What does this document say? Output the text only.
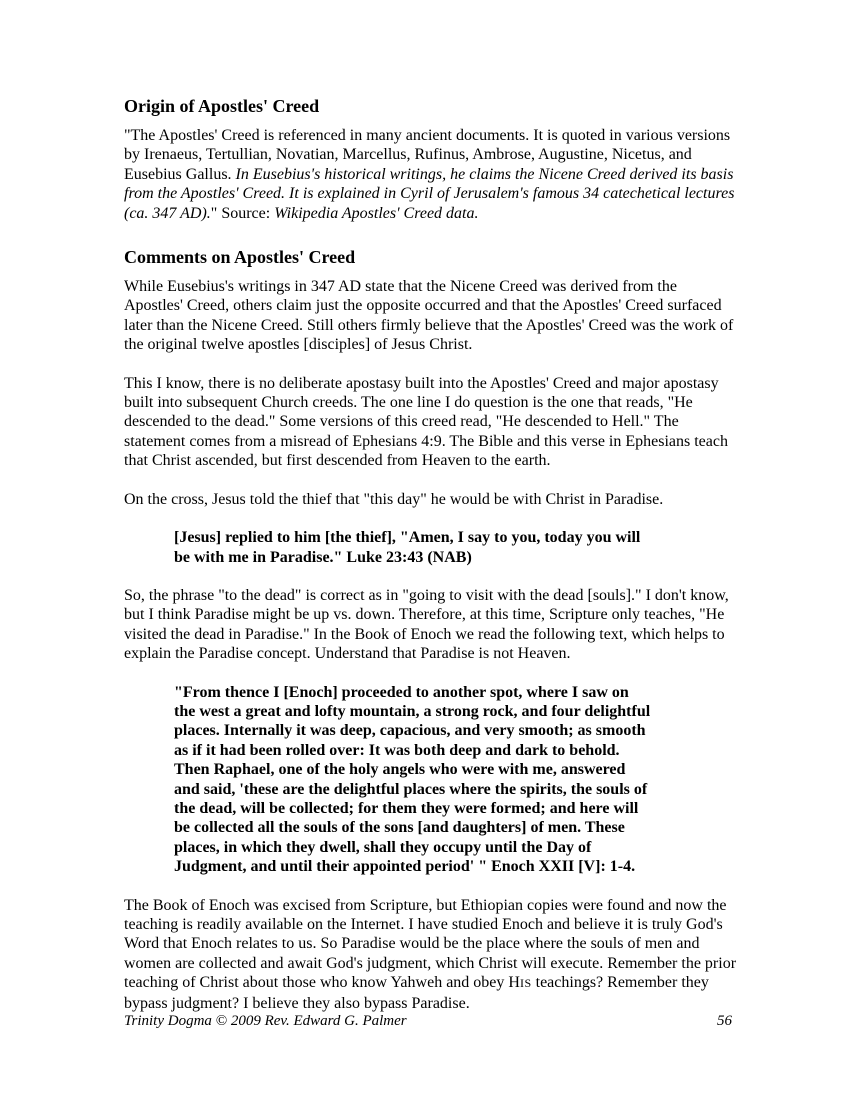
Origin of Apostles' Creed

"The Apostles' Creed is referenced in many ancient documents. It is quoted in various versions by Irenaeus, Tertullian, Novatian, Marcellus, Rufinus, Ambrose, Augustine, Nicetus, and Eusebius Gallus. In Eusebius's historical writings, he claims the Nicene Creed derived its basis from the Apostles' Creed. It is explained in Cyril of Jerusalem's famous 34 catechetical lectures (ca. 347 AD)." Source: Wikipedia Apostles' Creed data.

Comments on Apostles' Creed

While Eusebius's writings in 347 AD state that the Nicene Creed was derived from the Apostles' Creed, others claim just the opposite occurred and that the Apostles' Creed surfaced later than the Nicene Creed. Still others firmly believe that the Apostles' Creed was the work of the original twelve apostles [disciples] of Jesus Christ.

This I know, there is no deliberate apostasy built into the Apostles' Creed and major apostasy built into subsequent Church creeds. The one line I do question is the one that reads, "He descended to the dead." Some versions of this creed read, "He descended to Hell." The statement comes from a misread of Ephesians 4:9. The Bible and this verse in Ephesians teach that Christ ascended, but first descended from Heaven to the earth.

On the cross, Jesus told the thief that "this day" he would be with Christ in Paradise.

[Jesus] replied to him [the thief], "Amen, I say to you, today you will
be with me in Paradise." Luke 23:43 (NAB)

So, the phrase "to the dead" is correct as in "going to visit with the dead [souls]." I don't know, but I think Paradise might be up vs. down. Therefore, at this time, Scripture only teaches, "He visited the dead in Paradise." In the Book of Enoch we read the following text, which helps to explain the Paradise concept. Understand that Paradise is not Heaven.

"From thence I [Enoch] proceeded to another spot, where I saw on
the west a great and lofty mountain, a strong rock, and four delightful
places. Internally it was deep, capacious, and very smooth; as smooth
as if it had been rolled over: It was both deep and dark to behold.
Then Raphael, one of the holy angels who were with me, answered
and said, 'these are the delightful places where the spirits, the souls of
the dead, will be collected; for them they were formed; and here will
be collected all the souls of the sons [and daughters] of men. These
places, in which they dwell, shall they occupy until the Day of
Judgment, and until their appointed period' " Enoch XXII [V]: 1-4.

The Book of Enoch was excised from Scripture, but Ethiopian copies were found and now the teaching is readily available on the Internet. I have studied Enoch and believe it is truly God's Word that Enoch relates to us. So Paradise would be the place where the souls of men and women are collected and await God's judgment, which Christ will execute. Remember the prior teaching of Christ about those who know Yahweh and obey HIS teachings? Remember they bypass judgment? I believe they also bypass Paradise.

Trinity Dogma © 2009 Rev. Edward G. Palmer	56
